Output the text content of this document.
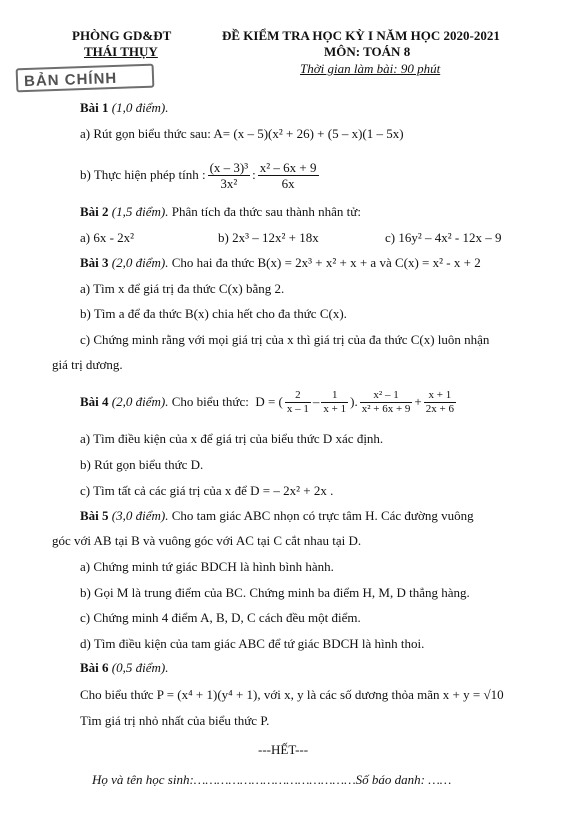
PHÒNG GD&ĐT
THÁI THỤY
BẢN CHÍNH
ĐỀ KIỂM TRA HỌC KỲ I NĂM HỌC 2020-2021
MÔN: TOÁN 8
Thời gian làm bài: 90 phút
Bài 1 (1,0 điểm).
a) Rút gọn biểu thức sau: A= (x – 5)(x² + 26) + (5 – x)(1 – 5x)
b) Thực hiện phép tính : $\frac{\text{(x – 3)³}}{\text{3x²}}$ : $\frac{\text{x² – 6x + 9}}{6x}$
Bài 2 (1,5 điểm). Phân tích đa thức sau thành nhân tử:
a) 6x - 2x²	b) 2x³ – 12x² + 18x	c) 16y² – 4x² - 12x – 9
Bài 3 (2,0 điểm). Cho hai đa thức B(x) = 2x³ + x² + x + a và C(x) = x² - x + 2
a) Tìm x để giá trị đa thức C(x) bằng 2.
b) Tìm a để đa thức B(x) chia hết cho đa thức C(x).
c) Chứng minh rằng với mọi giá trị của x thì giá trị của đa thức C(x) luôn nhận
giá trị dương.
Bài 4
(2,0 điểm). Cho biểu thức:  D = ( $\frac{2}{x - 1} - \frac{1}{x + 1}$ ). $\frac{\text{x² – 1}}{\text{x² + 6x + 9}} + \frac{x + 1}{2x + 6}$
a) Tìm điều kiện của x để giá trị của biểu thức D xác định.
b) Rút gọn biểu thức D.
c) Tìm tất cả các giá trị của x để D = – 2x² + 2x .
Bài 5 (3,0 điểm). Cho tam giác ABC nhọn có trực tâm H. Các đường vuông
góc với AB tại B và vuông góc với AC tại C cắt nhau tại D.
a) Chứng minh tứ giác BDCH là hình bình hành.
b) Gọi M là trung điểm của BC. Chứng minh ba điểm H, M, D thẳng hàng.
c) Chứng minh 4 điểm A, B, D, C cách đều một điểm.
d) Tìm điều kiện của tam giác ABC để tứ giác BDCH là hình thoi.
Bài 6 (0,5 điểm).
Cho biểu thức P = (x⁴ + 1)(y⁴ + 1), với x, y là các số dương thỏa mãn x + y = √10
Tìm giá trị nhỏ nhất của biểu thức P.
---HẾT---
Họ và tên học sinh:……………………………………Số báo danh: ……
